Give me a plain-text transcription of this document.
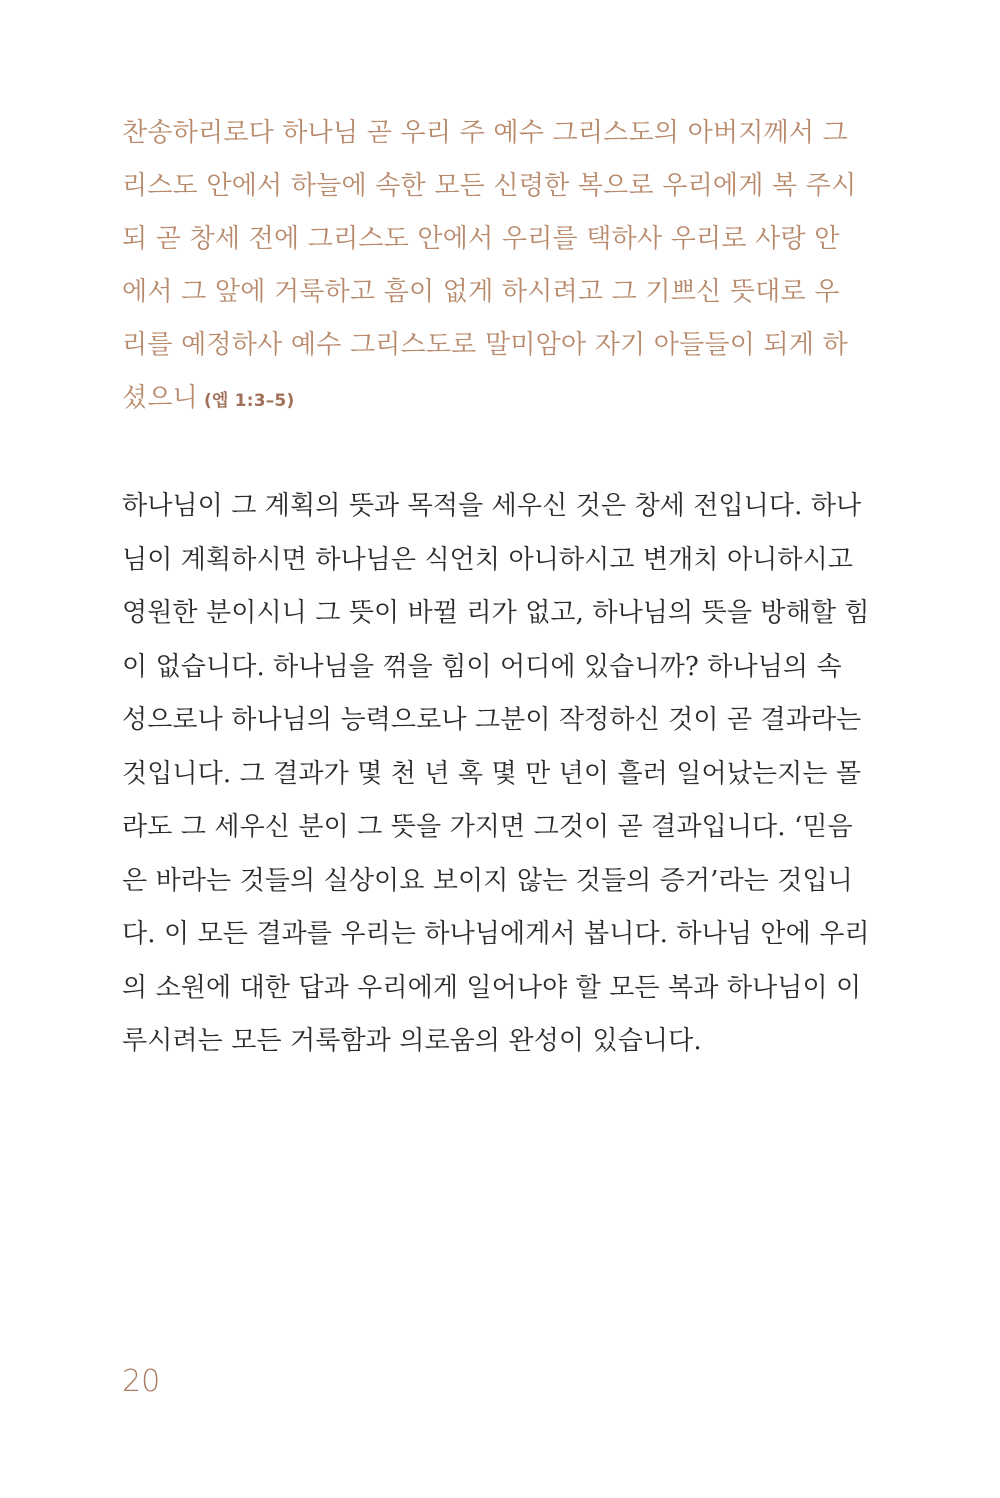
찬송하리로다 하나님 곧 우리 주 예수 그리스도의 아버지께서 그
리스도 안에서 하늘에 속한 모든 신령한 복으로 우리에게 복 주시
되 곧 창세 전에 그리스도 안에서 우리를 택하사 우리로 사랑 안
에서 그 앞에 거룩하고 흠이 없게 하시려고 그 기쁘신 뜻대로 우
리를 예정하사 예수 그리스도로 말미암아 자기 아들들이 되게 하
셨으니 (엡 1:3–5)
하나님이 그 계획의 뜻과 목적을 세우신 것은 창세 전입니다. 하나
님이 계획하시면 하나님은 식언치 아니하시고 변개치 아니하시고
영원한 분이시니 그 뜻이 바뀔 리가 없고, 하나님의 뜻을 방해할 힘
이 없습니다. 하나님을 꺾을 힘이 어디에 있습니까? 하나님의 속
성으로나 하나님의 능력으로나 그분이 작정하신 것이 곧 결과라는
것입니다. 그 결과가 몇 천 년 혹 몇 만 년이 흘러 일어났는지는 몰
라도 그 세우신 분이 그 뜻을 가지면 그것이 곧 결과입니다. ‘믿음
은 바라는 것들의 실상이요 보이지 않는 것들의 증거’라는 것입니
다. 이 모든 결과를 우리는 하나님에게서 봅니다. 하나님 안에 우리
의 소원에 대한 답과 우리에게 일어나야 할 모든 복과 하나님이 이
루시려는 모든 거룩함과 의로움의 완성이 있습니다.
20
